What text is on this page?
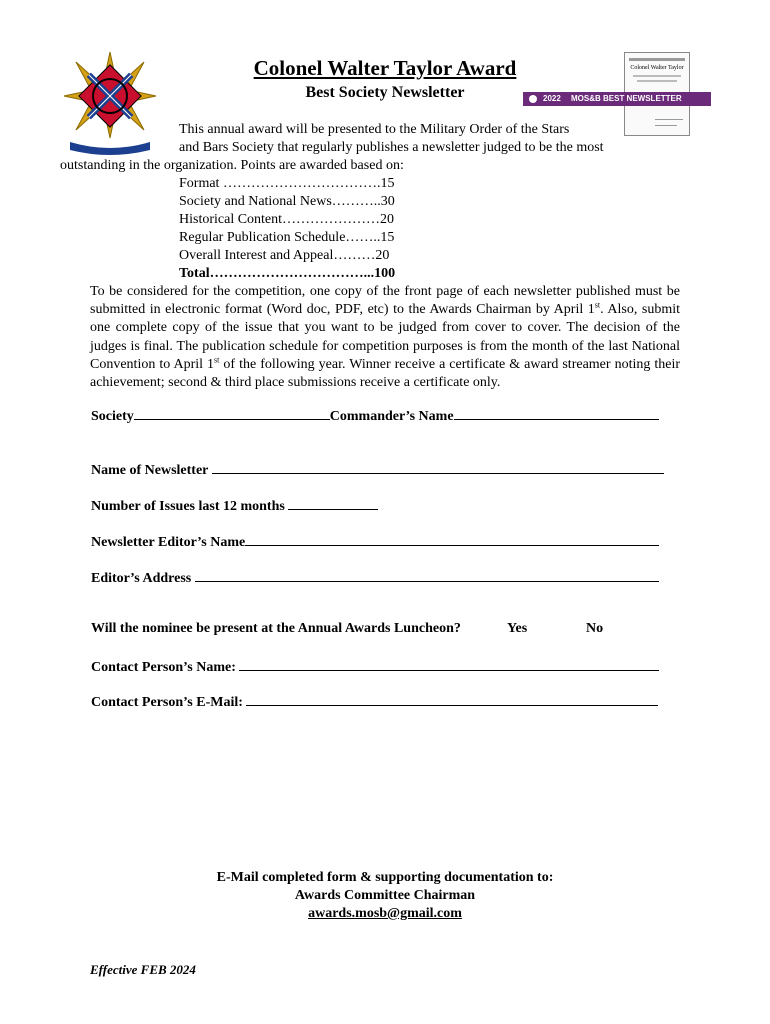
DEO VINDICE
Colonel Walter Taylor
2022 MOS&B BEST NEWSLETTER
Colonel Walter Taylor Award
Best Society Newsletter
This annual award will be presented to the Military Order of the Stars
and Bars Society that regularly publishes a newsletter judged to be the most
outstanding in the organization. Points are awarded based on:
Format …………………………….15
Society and National News………..30
Historical Content…………………20
Regular Publication Schedule……..15
Overall Interest and Appeal………20
Total……………………………...100
To be considered for the competition, one copy of the front page of each newsletter published must be submitted in electronic format (Word doc, PDF, etc) to the Awards Chairman by April 1st. Also, submit one complete copy of the issue that you want to be judged from cover to cover. The decision of the judges is final. The publication schedule for competition purposes is from the month of the last National Convention to April 1st of the following year. Winner receive a certificate & award streamer noting their achievement; second & third place submissions receive a certificate only.
Society	Commander’s Name
Name of Newsletter
Number of Issues last 12 months
Newsletter Editor’s Name
Editor’s Address
Will the nominee be present at the Annual Awards Luncheon?	Yes	No
Contact Person’s Name:
Contact Person’s E-Mail:
E-Mail completed form & supporting documentation to:
Awards Committee Chairman
awards.mosb@gmail.com
Effective FEB 2024
